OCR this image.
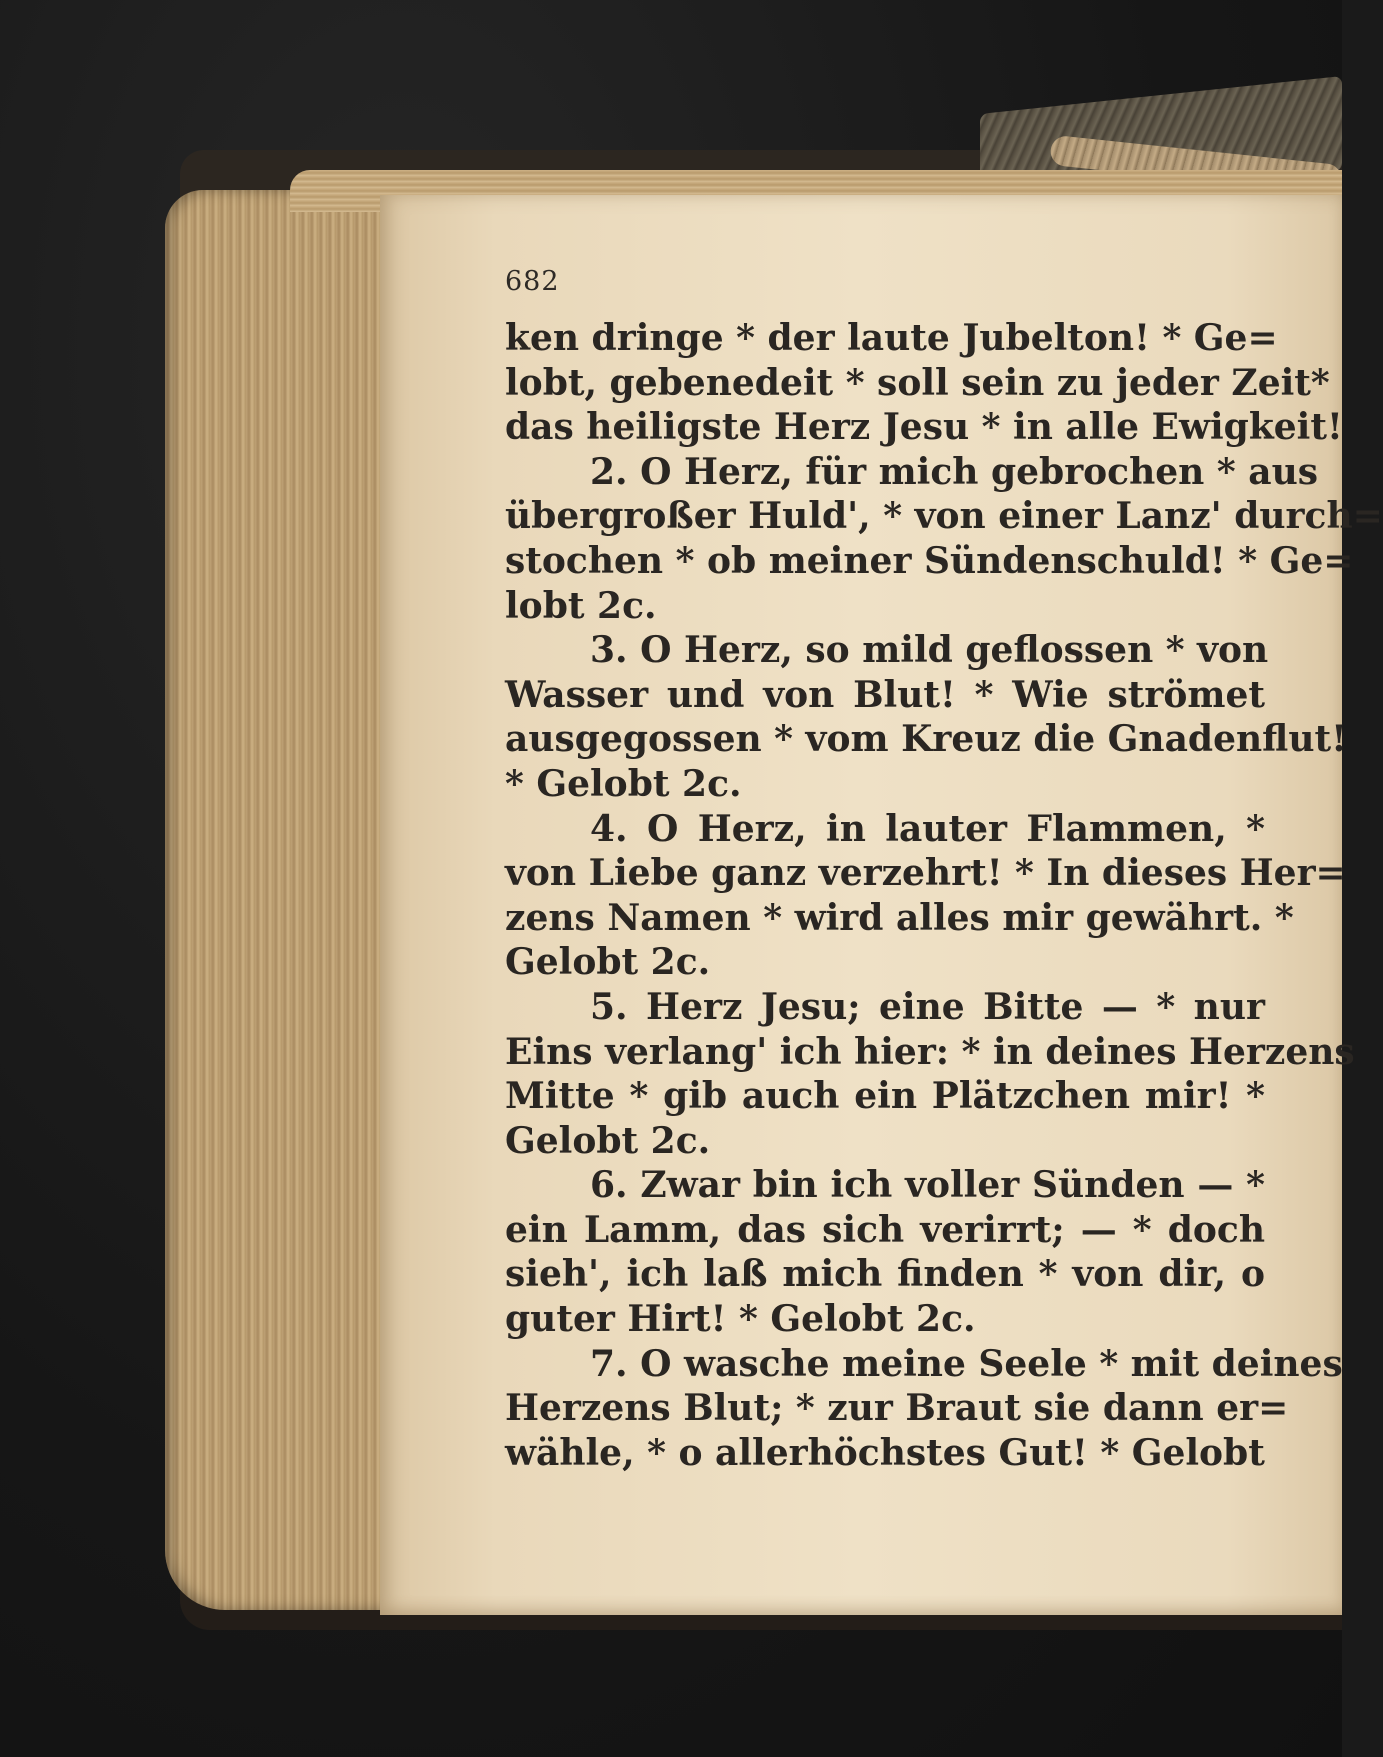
682
ken dringe * der laute Jubelton! * Ge=
lobt, gebenedeit * soll sein zu jeder Zeit*
das heiligste Herz Jesu * in alle Ewigkeit!
2. O Herz, für mich gebrochen * aus
übergroßer Huld', * von einer Lanz' durch=
stochen * ob meiner Sündenschuld! * Ge=
lobt 2c.
3. O Herz, so mild geflossen * von
Wasser und von Blut! * Wie strömet
ausgegossen * vom Kreuz die Gnadenflut!
* Gelobt 2c.
4. O Herz, in lauter Flammen, *
von Liebe ganz verzehrt! * In dieses Her=
zens Namen * wird alles mir gewährt. *
Gelobt 2c.
5. Herz Jesu; eine Bitte — * nur
Eins verlang' ich hier: * in deines Herzens
Mitte * gib auch ein Plätzchen mir! *
Gelobt 2c.
6. Zwar bin ich voller Sünden — *
ein Lamm, das sich verirrt; — * doch
sieh', ich laß mich finden * von dir, o
guter Hirt! * Gelobt 2c.
7. O wasche meine Seele * mit deines
Herzens Blut; * zur Braut sie dann er=
wähle, * o allerhöchstes Gut! * Gelobt
